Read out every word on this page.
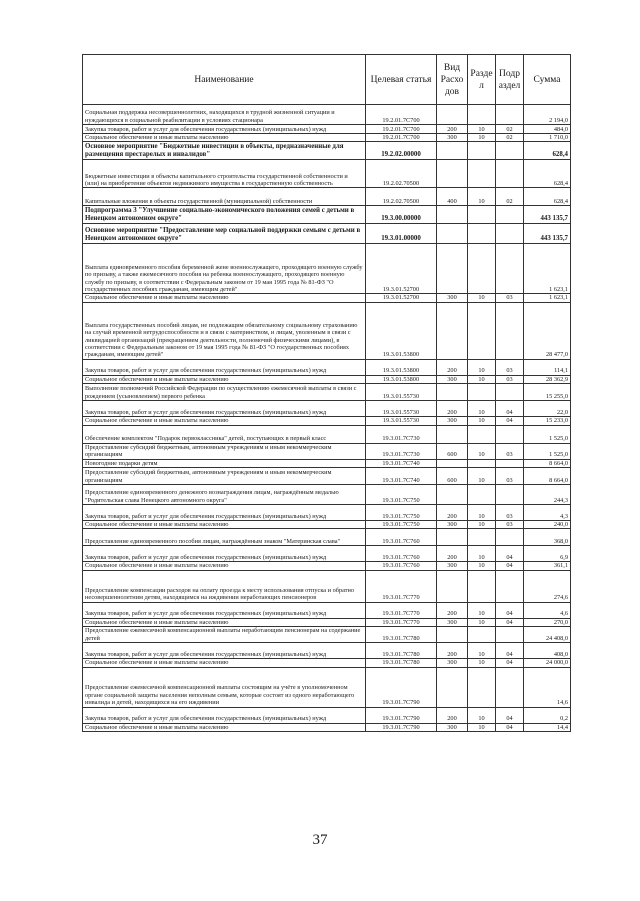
Наименование	Целевая статья	Вид Расхо дов	Разде л	Подр аздел	Сумма
Социальная поддержка несовершеннолетних, находящихся в трудной жизненной ситуации и нуждающихся в социальной реабилитации в условиях стационара	19.2.01.7С700				2 194,0
Закупка товаров, работ и услуг для обеспечения государственных (муниципальных) нужд	19.2.01.7С700	200	10	02	484,0
Социальное обеспечение и иные выплаты населению	19.2.01.7С700	300	10	02	1 710,0
Основное мероприятие "Бюджетные инвестиции в объекты, предназначенные для размещения престарелых и инвалидов"	19.2.02.00000				628,4
Бюджетные инвестиции в объекты капитального строительства государственной собственности и (или) на приобретение объектов недвижимого имущества в государственную собственность	19.2.02.70500				628,4
Капитальные вложения в объекты государственной (муниципальной) собственности	19.2.02.70500	400	10	02	628,4
Подпрограмма 3 "Улучшение социально-экономического положения семей с детьми в Ненецком автономном округе"	19.3.00.00000				443 135,7
Основное мероприятие "Предоставление мер социальной поддержки семьям с детьми в Ненецком автономном округе"	19.3.01.00000				443 135,7
Выплата единовременного пособия беременной жене военнослужащего, проходящего военную службу по призыву, а также ежемесячного пособия на ребенка военнослужащего, проходящего военную службу по призыву, в соответствии с Федеральным законом от 19 мая 1995 года № 81-ФЗ "О государственных пособиях гражданам, имеющим детей"	19.3.01.52700				1 623,1
Социальное обеспечение и иные выплаты населению	19.3.01.52700	300	10	03	1 623,1
Выплата государственных пособий лицам, не подлежащим обязательному социальному страхованию на случай временной нетрудоспособности и в связи с материнством, и лицам, уволенным в связи с ликвидацией организаций (прекращением деятельности, полномочий физическими лицами), в соответствии с Федеральным законом от 19 мая 1995 года № 81-ФЗ "О государственных пособиях гражданам, имеющим детей"	19.3.01.53800				28 477,0
Закупка товаров, работ и услуг для обеспечения государственных (муниципальных) нужд	19.3.01.53800	200	10	03	114,1
Социальное обеспечение и иные выплаты населению	19.3.01.53800	300	10	03	28 362,9
Выполнение полномочий Российской Федерации по осуществлению ежемесячной выплаты в связи с рождением (усыновлением) первого ребенка	19.3.01.55730				15 255,0
Закупка товаров, работ и услуг для обеспечения государственных (муниципальных) нужд	19.3.01.55730	200	10	04	22,0
Социальное обеспечение и иные выплаты населению	19.3.01.55730	300	10	04	15 233,0
Обеспечение комплектом "Подарок первоклассника" детей, поступающих в первый класс	19.3.01.7С730				1 525,0
Предоставление субсидий бюджетным, автономным учреждениям и иным некоммерческим организациям	19.3.01.7С730	600	10	03	1 525,0
Новогодние подарки детям	19.3.01.7С740				8 664,0
Предоставление субсидий бюджетным, автономным учреждениям и иным некоммерческим организациям	19.3.01.7С740	600	10	03	8 664,0
Предоставление единовременного денежного вознаграждения лицам, награждённым медалью "Родительская слава Ненецкого автономного округа"	19.3.01.7С750				244,3
Закупка товаров, работ и услуг для обеспечения государственных (муниципальных) нужд	19.3.01.7С750	200	10	03	4,3
Социальное обеспечение и иные выплаты населению	19.3.01.7С750	300	10	03	240,0
Предоставление единовременного пособия лицам, награждённым знаком "Материнская слава"	19.3.01.7С760				368,0
Закупка товаров, работ и услуг для обеспечения государственных (муниципальных) нужд	19.3.01.7С760	200	10	04	6,9
Социальное обеспечение и иные выплаты населению	19.3.01.7С760	300	10	04	361,1
Предоставление компенсации расходов на оплату проезда к месту использования отпуска и обратно несовершеннолетним детям, находящимся на иждивении неработающих пенсионеров	19.3.01.7С770				274,6
Закупка товаров, работ и услуг для обеспечения государственных (муниципальных) нужд	19.3.01.7С770	200	10	04	4,6
Социальное обеспечение и иные выплаты населению	19.3.01.7С770	300	10	04	270,0
Предоставление ежемесячной компенсационной выплаты неработающим пенсионерам на содержание детей	19.3.01.7С780				24 408,0
Закупка товаров, работ и услуг для обеспечения государственных (муниципальных) нужд	19.3.01.7С780	200	10	04	408,0
Социальное обеспечение и иные выплаты населению	19.3.01.7С780	300	10	04	24 000,0
Предоставление ежемесячной компенсационной выплаты состоящим на учёте в уполномоченном органе социальной защиты населения неполным семьям, которые состоят из одного неработающего инвалида и детей, находящихся на его иждивении	19.3.01.7С790				14,6
Закупка товаров, работ и услуг для обеспечения государственных (муниципальных) нужд	19.3.01.7С790	200	10	04	0,2
Социальное обеспечение и иные выплаты населению	19.3.01.7С790	300	10	04	14,4
37
